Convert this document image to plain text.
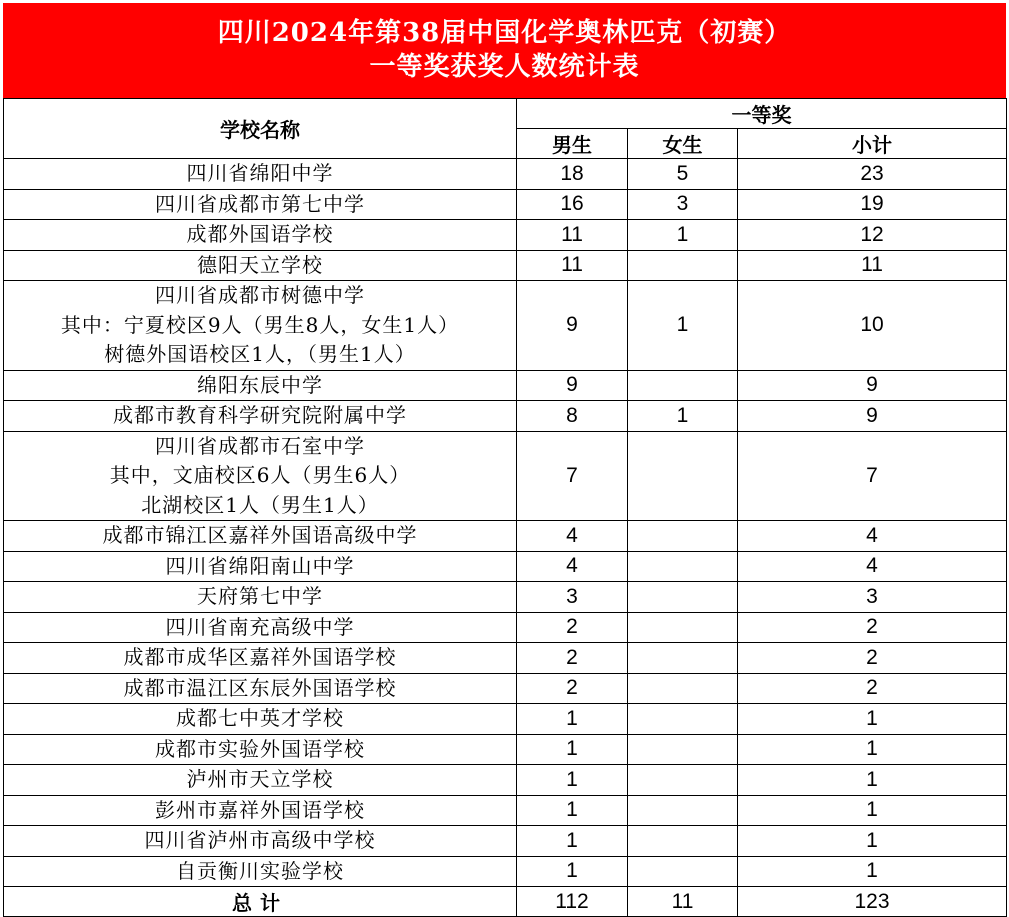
四川2024年第38届中国化学奥林匹克（初赛）
一等奖获奖人数统计表
学校名称	一等奖		
	男生	女生	小计

四川省绵阳中学	18	5	23

四川省成都市第七中学	16	3	19

成都外国语学校	11	1	12

德阳天立学校	11		11

四川省成都市树德中学
其中：宁夏校区9人（男生8人，女生1人）
树德外国语校区1人，（男生1人）	9	1	10

绵阳东辰中学	9		9

成都市教育科学研究院附属中学	8	1	9

四川省成都市石室中学
其中，文庙校区6人（男生6人）
北湖校区1人（男生1人）	7		7

成都市锦江区嘉祥外国语高级中学	4		4

四川省绵阳南山中学	4		4

天府第七中学	3		3

四川省南充高级中学	2		2

成都市成华区嘉祥外国语学校	2		2

成都市温江区东辰外国语学校	2		2

成都七中英才学校	1		1

成都市实验外国语学校	1		1

泸州市天立学校	1		1

彭州市嘉祥外国语学校	1		1

四川省泸州市高级中学校	1		1

自贡衡川实验学校	1		1
总计	112	11	123
